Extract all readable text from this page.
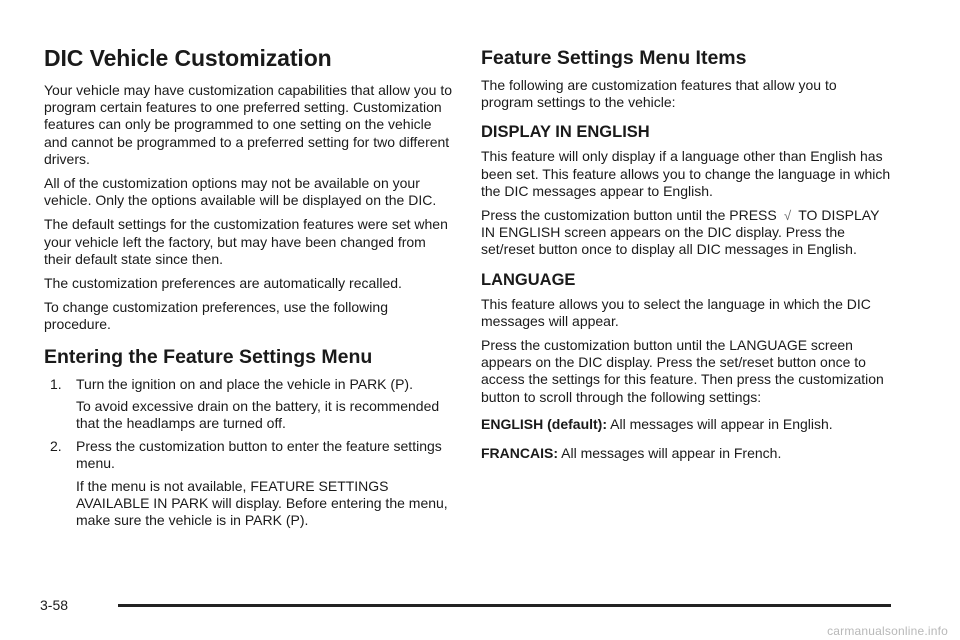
DIC Vehicle Customization

Your vehicle may have customization capabilities that allow you to program certain features to one preferred setting. Customization features can only be programmed to one setting on the vehicle and cannot be programmed to a preferred setting for two different drivers.

All of the customization options may not be available on your vehicle. Only the options available will be displayed on the DIC.

The default settings for the customization features were set when your vehicle left the factory, but may have been changed from their default state since then.

The customization preferences are automatically recalled.

To change customization preferences, use the following procedure.

Entering the Feature Settings Menu
1. Turn the ignition on and place the vehicle in PARK (P).

To avoid excessive drain on the battery, it is recommended that the headlamps are turned off.

2. Press the customization button to enter the feature settings menu.

If the menu is not available, FEATURE SETTINGS AVAILABLE IN PARK will display. Before entering the menu, make sure the vehicle is in PARK (P).

Feature Settings Menu Items

The following are customization features that allow you to program settings to the vehicle:

DISPLAY IN ENGLISH

This feature will only display if a language other than English has been set. This feature allows you to change the language in which the DIC messages appear to English.

Press the customization button until the PRESS √ TO DISPLAY IN ENGLISH screen appears on the DIC display. Press the set/reset button once to display all DIC messages in English.

LANGUAGE

This feature allows you to select the language in which the DIC messages will appear.

Press the customization button until the LANGUAGE screen appears on the DIC display. Press the set/reset button once to access the settings for this feature. Then press the customization button to scroll through the following settings:

ENGLISH (default): All messages will appear in English.

FRANCAIS: All messages will appear in French.

3-58
carmanualsonline.info
